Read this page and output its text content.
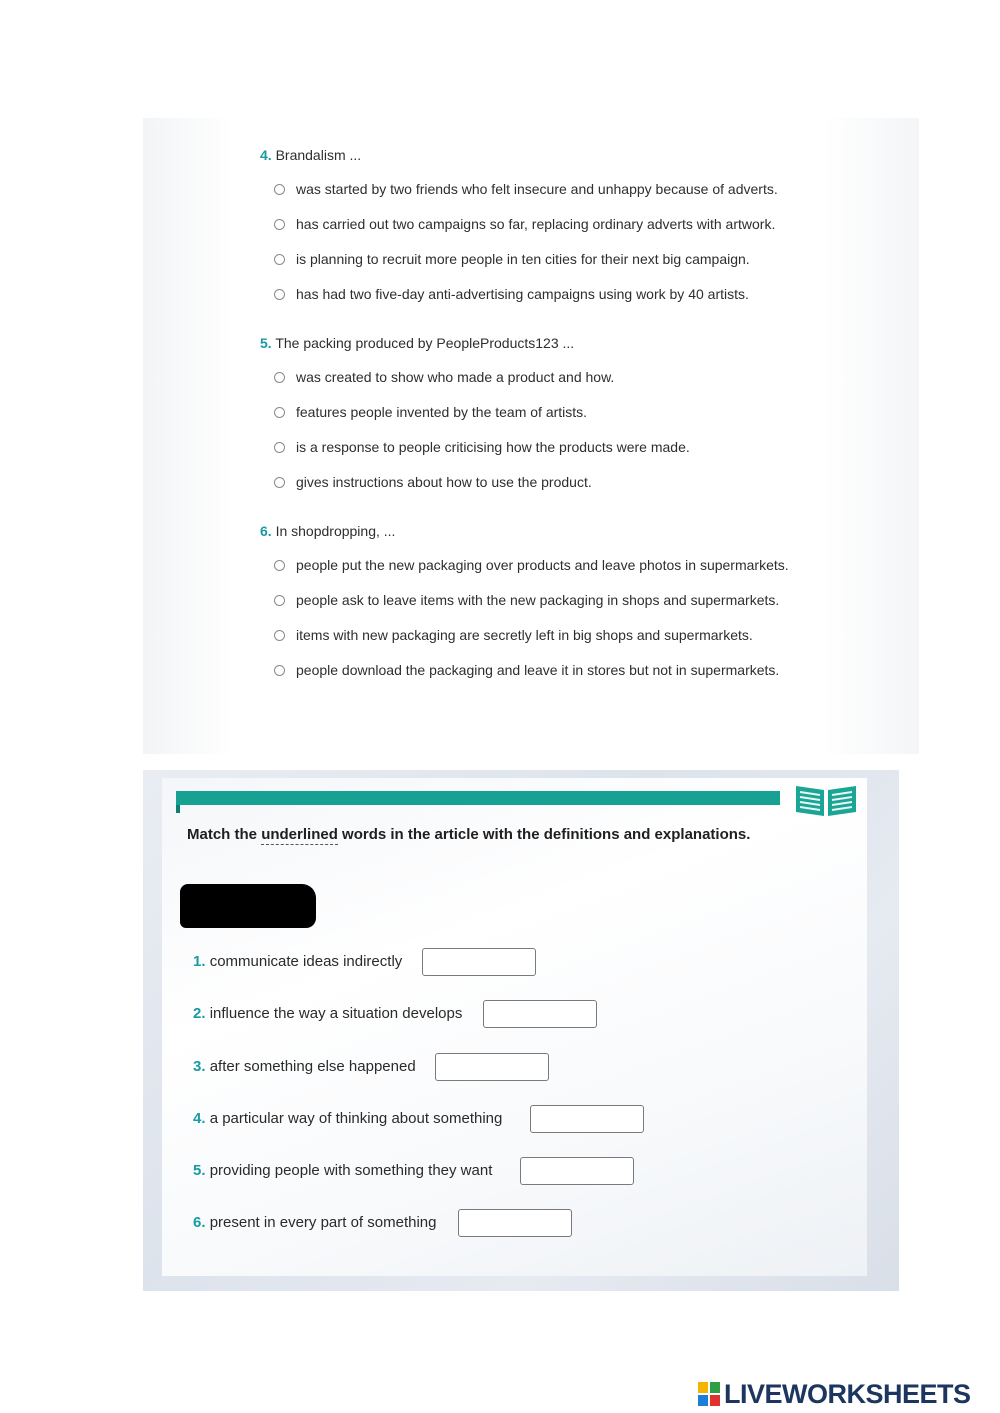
4. Brandalism ...
was started by two friends who felt insecure and unhappy because of adverts.
has carried out two campaigns so far, replacing ordinary adverts with artwork.
is planning to recruit more people in ten cities for their next big campaign.
has had two five-day anti-advertising campaigns using work by 40 artists.
5. The packing produced by PeopleProducts123 ...
was created to show who made a product and how.
features people invented by the team of artists.
is a response to people criticising how the products were made.
gives instructions about how to use the product.
6. In shopdropping, ...
people put the new packaging over products and leave photos in supermarkets.
people ask to leave items with the new packaging in shops and supermarkets.
items with new packaging are secretly left in big shops and supermarkets.
people download the packaging and leave it in stores but not in supermarkets.
Match the underlined words in the article with the definitions and explanations.
1. communicate ideas indirectly
2. influence the way a situation develops
3. after something else happened
4. a particular way of thinking about something
5. providing people with something they want
6. present in every part of something
LIVEWORKSHEETS
